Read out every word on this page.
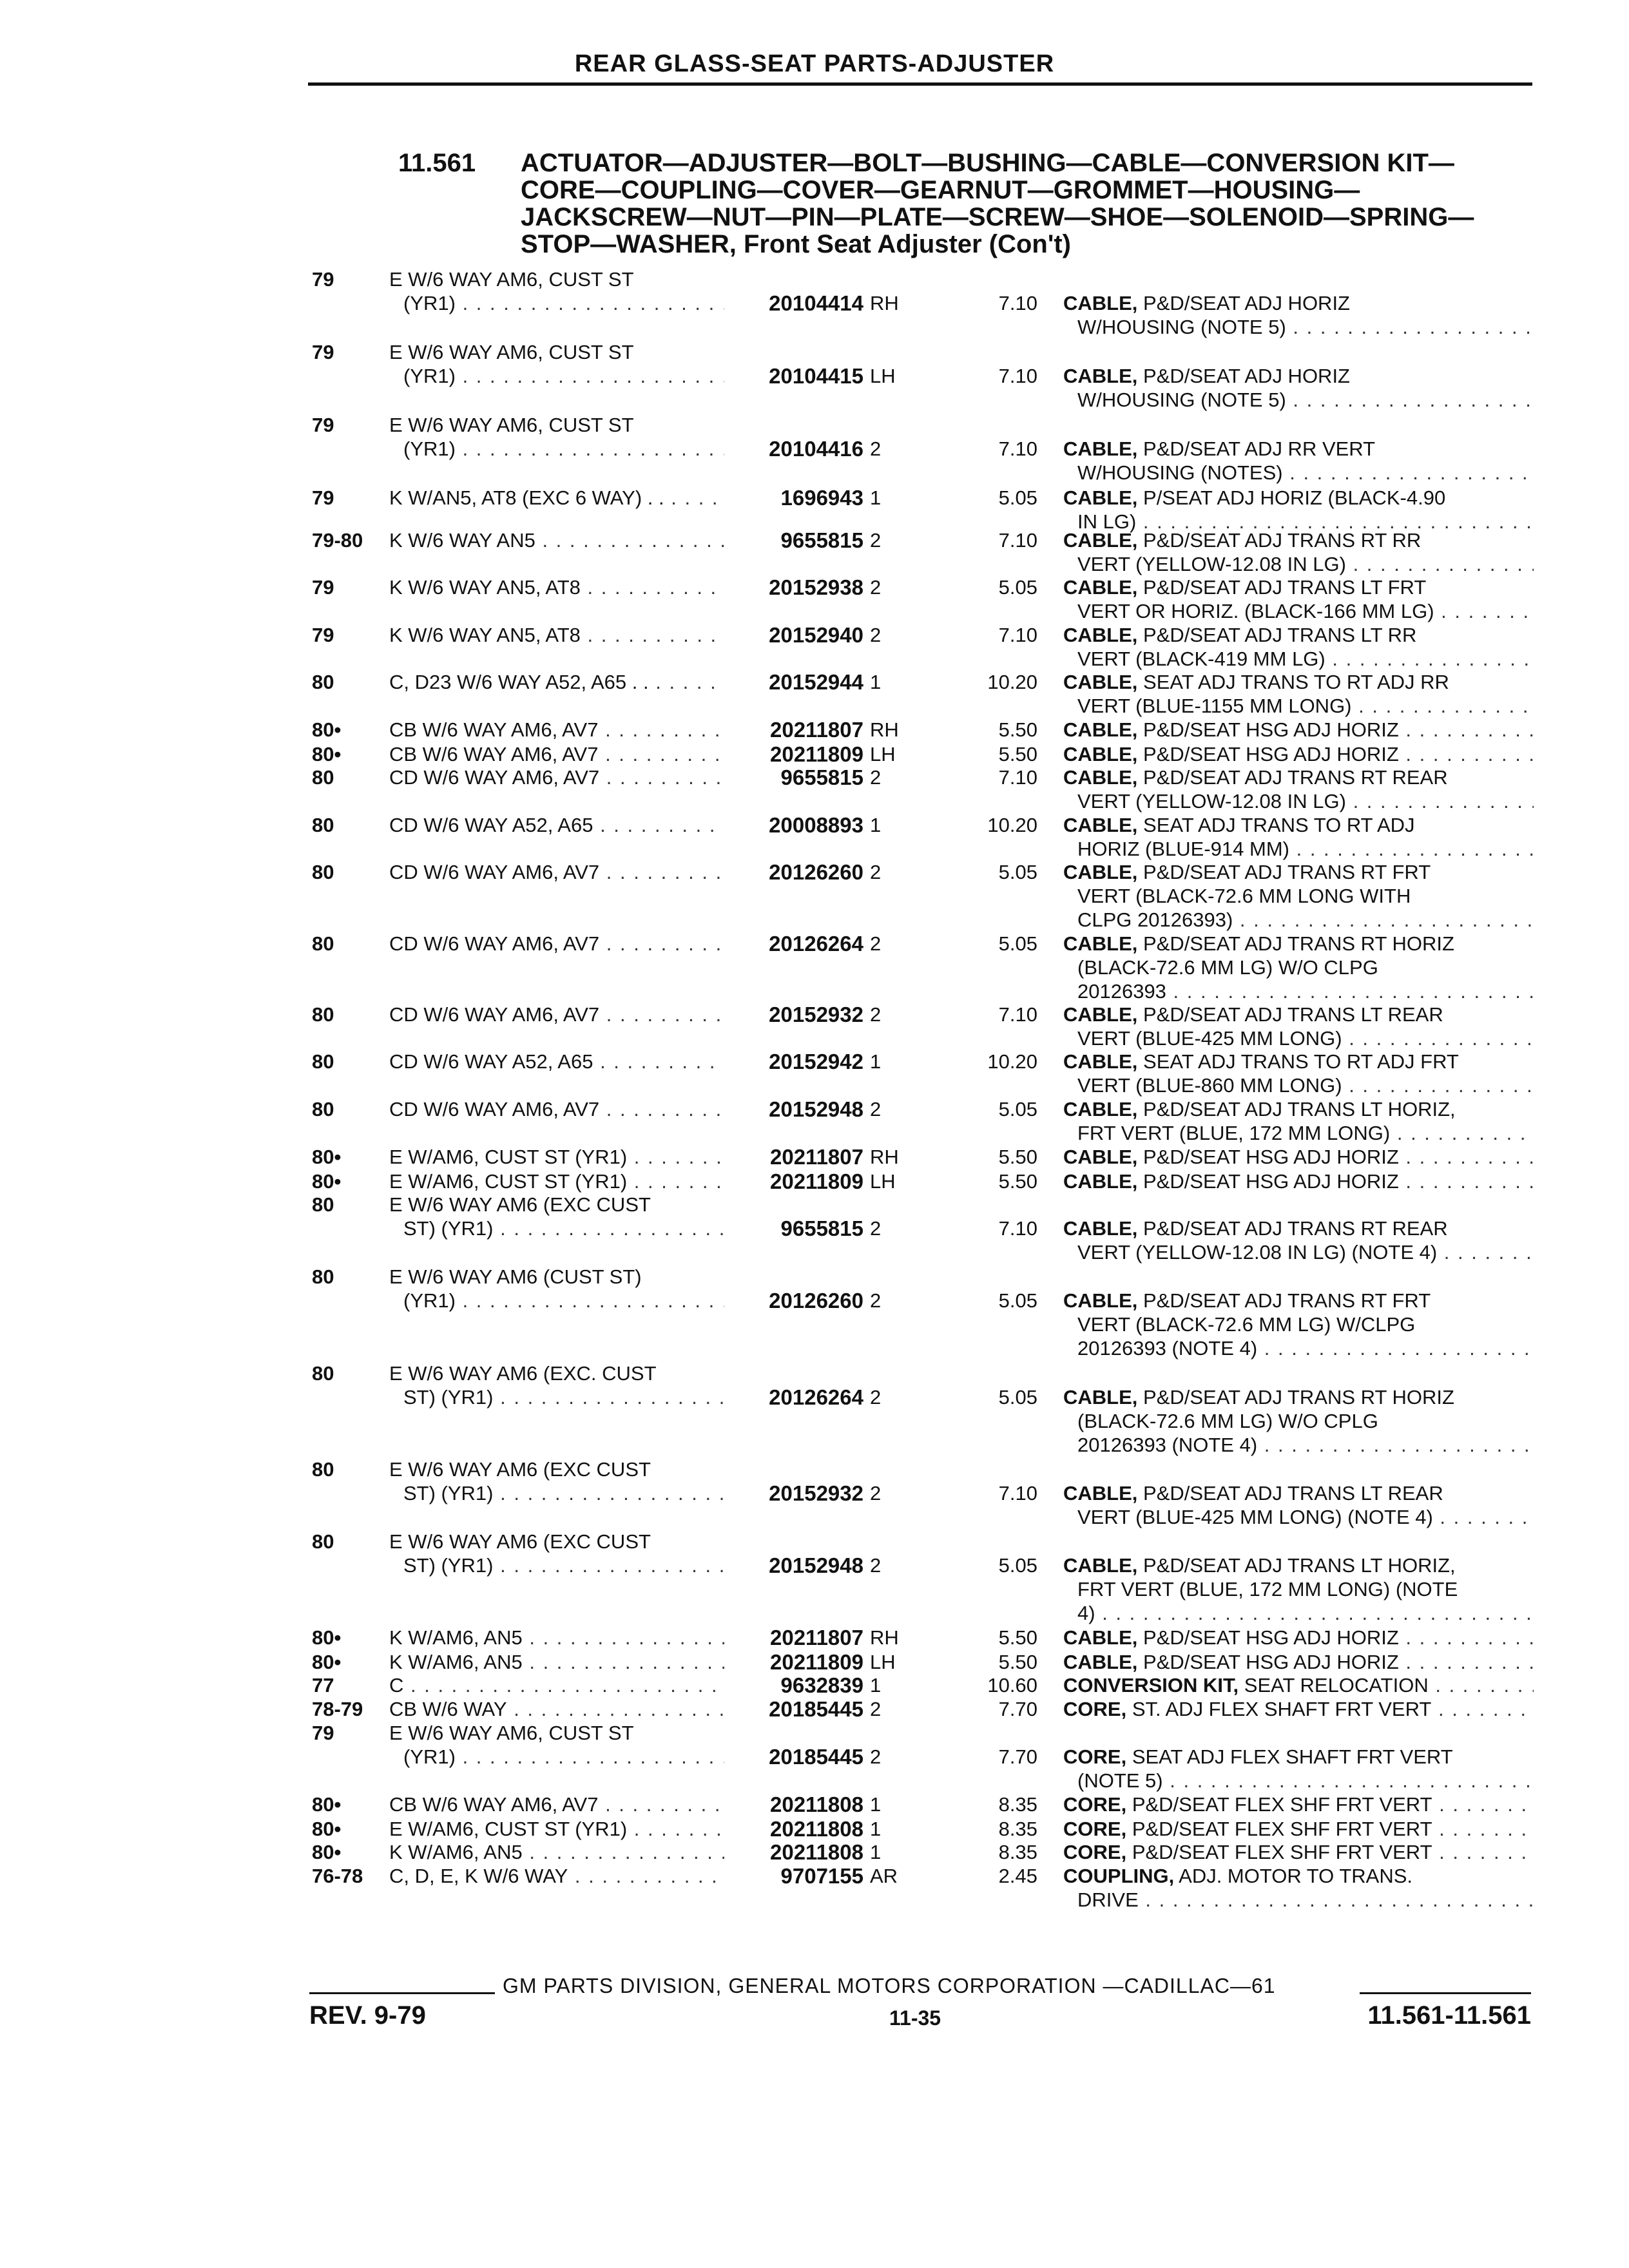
REAR GLASS-SEAT PARTS-ADJUSTER
11.561 ACTUATOR—ADJUSTER—BOLT—BUSHING—CABLE—CONVERSION KIT—
CORE—COUPLING—COVER—GEARNUT—GROMMET—HOUSING—
JACKSCREW—NUT—PIN—PLATE—SCREW—SHOE—SOLENOID—SPRING—
STOP—WASHER, Front Seat Adjuster (Con't)
79	E W/6 WAY AM6, CUST ST
(YR1) . . .	20104414 RH	7.10 CABLE, P&D/SEAT ADJ HORIZ
W/HOUSING (NOTE 5) . . .
79	E W/6 WAY AM6, CUST ST
(YR1) . . .	20104415 LH	7.10 CABLE, P&D/SEAT ADJ HORIZ
W/HOUSING (NOTE 5) . . .
79	E W/6 WAY AM6, CUST ST
(YR1) . . .	20104416 2	7.10 CABLE, P&D/SEAT ADJ RR VERT
W/HOUSING (NOTES) . . .
79	K W/AN5, AT8 (EXC 6 WAY) . . . . .	1696943 1	5.05 CABLE, P/SEAT ADJ HORIZ (BLACK-4.90
IN LG) . . .
79-80	K W/6 WAY AN5 . . .	9655815 2	7.10 CABLE, P&D/SEAT ADJ TRANS RT RR
VERT (YELLOW-12.08 IN LG) . . .
79	K W/6 WAY AN5, AT8 . . .	20152938 2	5.05 CABLE, P&D/SEAT ADJ TRANS LT FRT
VERT OR HORIZ. (BLACK-166 MM LG) . . .
79	K W/6 WAY AN5, AT8 . . .	20152940 2	7.10 CABLE, P&D/SEAT ADJ TRANS LT RR
VERT (BLACK-419 MM LG) . . .
80	C, D23 W/6 WAY A52, A65 . . . . .	20152944 1	10.20 CABLE, SEAT ADJ TRANS TO RT ADJ RR
VERT (BLUE-1155 MM LONG) . . .
80•	CB W/6 WAY AM6, AV7 . . .	20211807 RH	5.50 CABLE, P&D/SEAT HSG ADJ HORIZ . . .
80•	CB W/6 WAY AM6, AV7 . . .	20211809 LH	5.50 CABLE, P&D/SEAT HSG ADJ HORIZ . . .
80	CD W/6 WAY AM6, AV7 . . .	9655815 2	7.10 CABLE, P&D/SEAT ADJ TRANS RT REAR
VERT (YELLOW-12.08 IN LG) . . .
80	CD W/6 WAY A52, A65 . . .	20008893 1	10.20 CABLE, SEAT ADJ TRANS TO RT ADJ
HORIZ (BLUE-914 MM) . . .
80	CD W/6 WAY AM6, AV7 . . .	20126260 2	5.05 CABLE, P&D/SEAT ADJ TRANS RT FRT
VERT (BLACK-72.6 MM LONG WITH
CLPG 20126393) . . .
80	CD W/6 WAY AM6, AV7 . . .	20126264 2	5.05 CABLE, P&D/SEAT ADJ TRANS RT HORIZ
(BLACK-72.6 MM LG) W/O CLPG
20126393 . . .
80	CD W/6 WAY AM6, AV7 . . .	20152932 2	7.10 CABLE, P&D/SEAT ADJ TRANS LT REAR
VERT (BLUE-425 MM LONG) . . .
80	CD W/6 WAY A52, A65 . . .	20152942 1	10.20 CABLE, SEAT ADJ TRANS TO RT ADJ FRT
VERT (BLUE-860 MM LONG) . . .
80	CD W/6 WAY AM6, AV7 . . .	20152948 2	5.05 CABLE, P&D/SEAT ADJ TRANS LT HORIZ,
FRT VERT (BLUE, 172 MM LONG) . . .
80•	E W/AM6, CUST ST (YR1) . . .	20211807 RH	5.50 CABLE, P&D/SEAT HSG ADJ HORIZ . . .
80•	E W/AM6, CUST ST (YR1) . . .	20211809 LH	5.50 CABLE, P&D/SEAT HSG ADJ HORIZ . . .
80	E W/6 WAY AM6 (EXC CUST
ST) (YR1) . . .	9655815 2	7.10 CABLE, P&D/SEAT ADJ TRANS RT REAR
VERT (YELLOW-12.08 IN LG) (NOTE 4) . . .
80	E W/6 WAY AM6 (CUST ST)
(YR1) . . .	20126260 2	5.05 CABLE, P&D/SEAT ADJ TRANS RT FRT
VERT (BLACK-72.6 MM LG) W/CLPG
20126393 (NOTE 4) . . .
80	E W/6 WAY AM6 (EXC. CUST
ST) (YR1) . . .	20126264 2	5.05 CABLE, P&D/SEAT ADJ TRANS RT HORIZ
(BLACK-72.6 MM LG) W/O CPLG
20126393 (NOTE 4) . . .
80	E W/6 WAY AM6 (EXC CUST
ST) (YR1) . . .	20152932 2	7.10 CABLE, P&D/SEAT ADJ TRANS LT REAR
VERT (BLUE-425 MM LONG) (NOTE 4) . . .
80	E W/6 WAY AM6 (EXC CUST
ST) (YR1) . . .	20152948 2	5.05 CABLE, P&D/SEAT ADJ TRANS LT HORIZ,
FRT VERT (BLUE, 172 MM LONG) (NOTE
4) . . .
80•	K W/AM6, AN5 . . .	20211807 RH	5.50 CABLE, P&D/SEAT HSG ADJ HORIZ . . .
80•	K W/AM6, AN5 . . .	20211809 LH	5.50 CABLE, P&D/SEAT HSG ADJ HORIZ . . .
77	C . . .	9632839 1	10.60 CONVERSION KIT, SEAT RELOCATION . . .
78-79	CB W/6 WAY . . .	20185445 2	7.70 CORE, ST. ADJ FLEX SHAFT FRT VERT . . .
79	E W/6 WAY AM6, CUST ST
(YR1) . . .	20185445 2	7.70 CORE, SEAT ADJ FLEX SHAFT FRT VERT
(NOTE 5) . . .
80•	CB W/6 WAY AM6, AV7 . . .	20211808 1	8.35 CORE, P&D/SEAT FLEX SHF FRT VERT . . .
80•	E W/AM6, CUST ST (YR1) . . .	20211808 1	8.35 CORE, P&D/SEAT FLEX SHF FRT VERT . . .
80•	K W/AM6, AN5 . . .	20211808 1	8.35 CORE, P&D/SEAT FLEX SHF FRT VERT . . .
76-78	C, D, E, K W/6 WAY . . .	9707155 AR	2.45 COUPLING, ADJ. MOTOR TO TRANS.
DRIVE . . .
GM PARTS DIVISION, GENERAL MOTORS CORPORATION —CADILLAC—61
REV. 9-79	11-35	11.561-11.561
